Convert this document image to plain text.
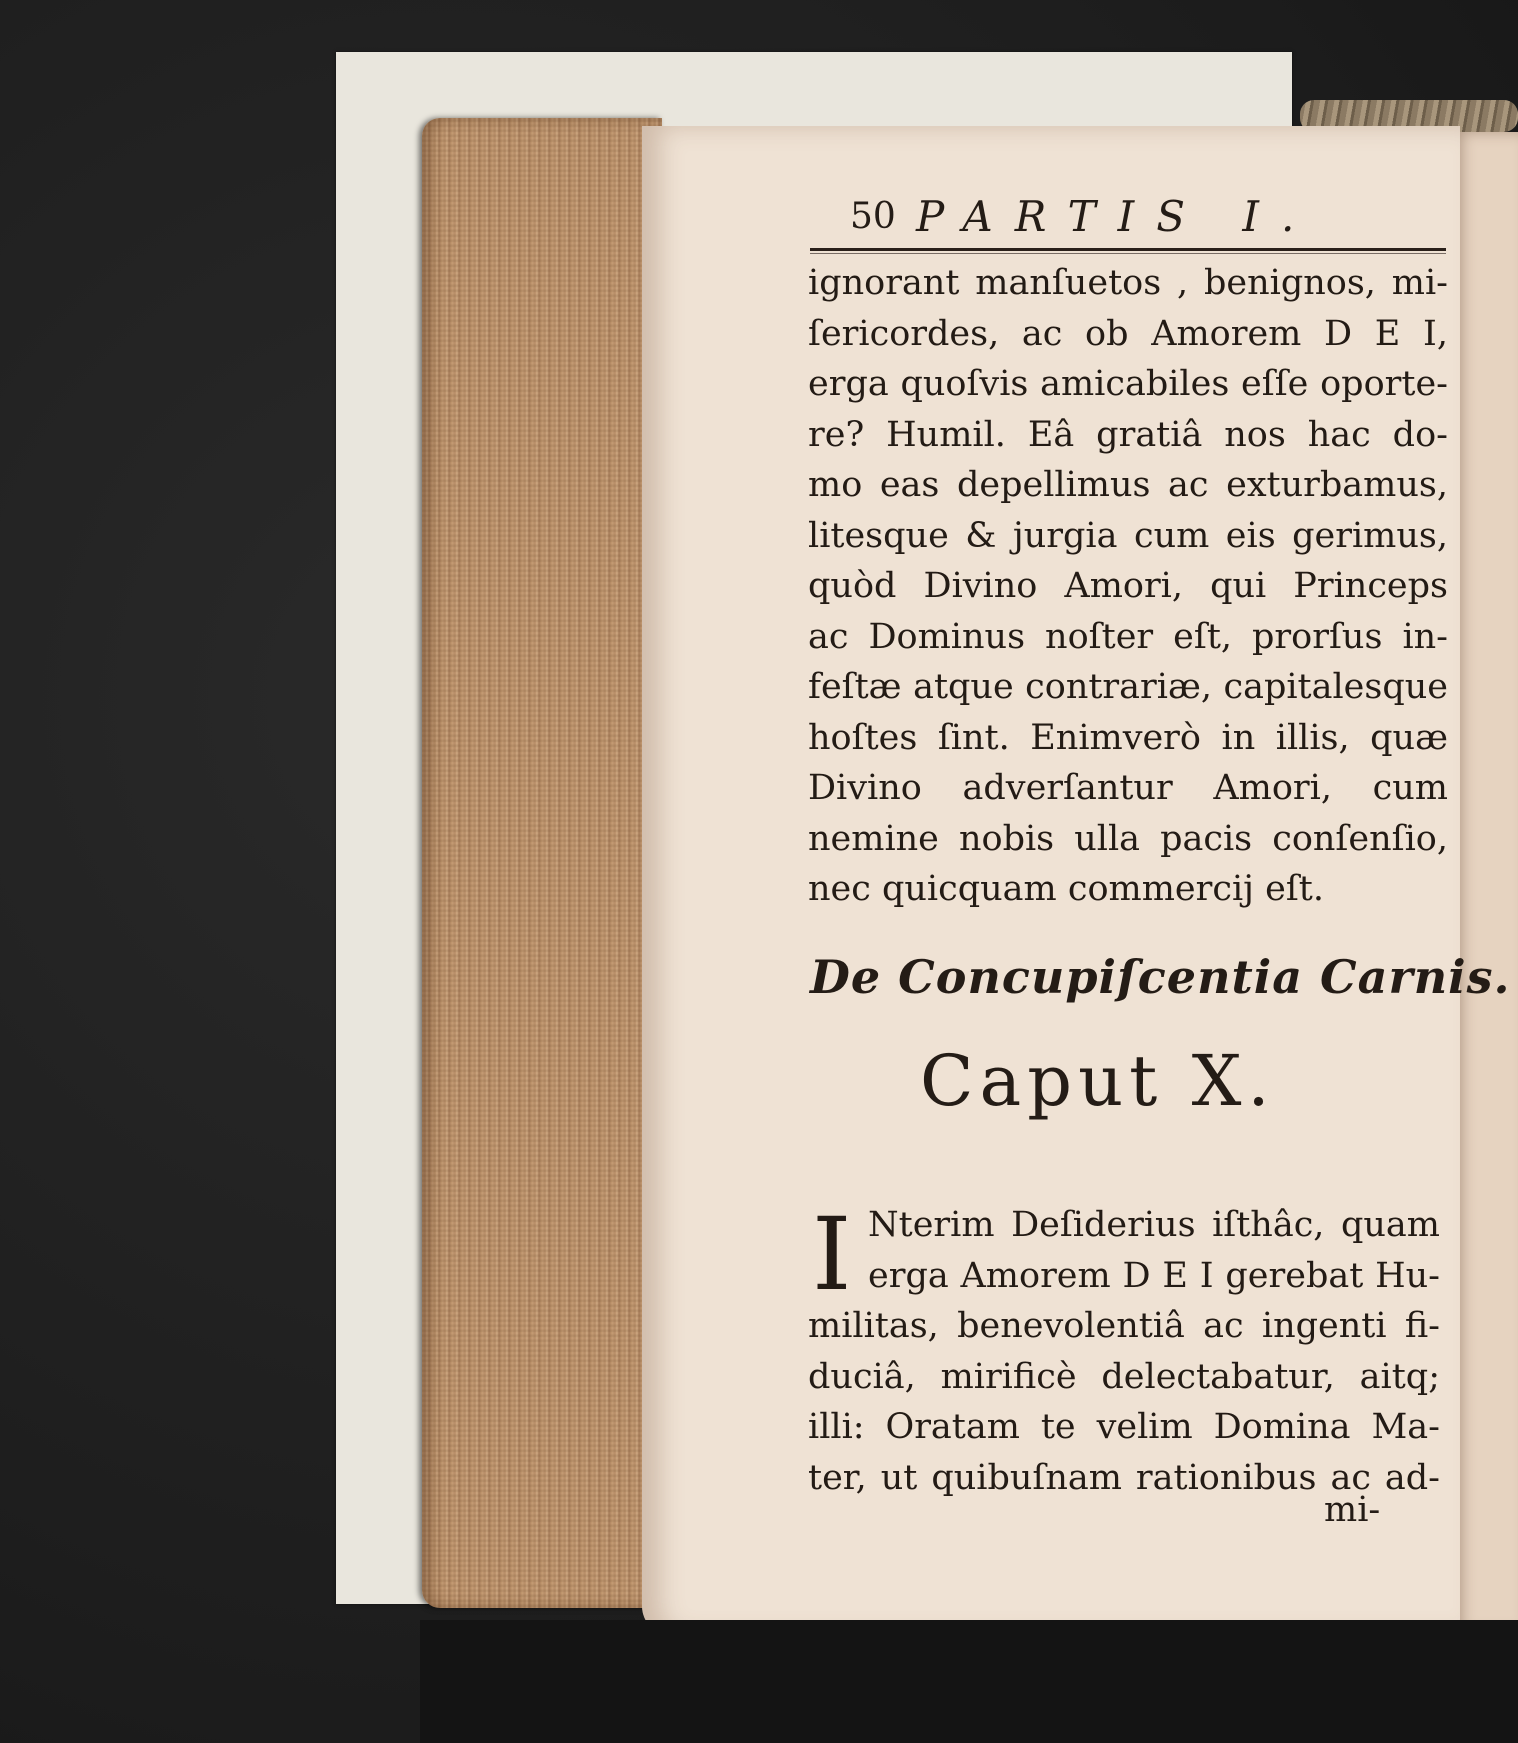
50 PARTIS I.
ignorant manſuetos , benignos, mi-
ſericordes, ac ob Amorem D E I,
erga quoſvis amicabiles eſſe oporte-
re? Humil. Eâ gratiâ nos hac do-
mo eas depellimus ac exturbamus,
litesque & jurgia cum eis gerimus,
quòd Divino Amori, qui Princeps
ac Dominus noſter eſt, prorſus in-
feſtæ atque contrariæ, capitalesque
hoſtes ſint. Enimverò in illis, quæ
Divino adverſantur Amori, cum
nemine nobis ulla pacis conſenſio,
nec quicquam commercij eſt.
De Concupiſcentia Carnis.
Caput X.
I Nterim Deſiderius iſthâc, quam
erga Amorem D E I gerebat Hu-
militas, benevolentiâ ac ingenti fi-
duciâ, mirificè delectabatur, aitq;
illi: Oratam te velim Domina Ma-
ter, ut quibuſnam rationibus ac ad-
mi-
